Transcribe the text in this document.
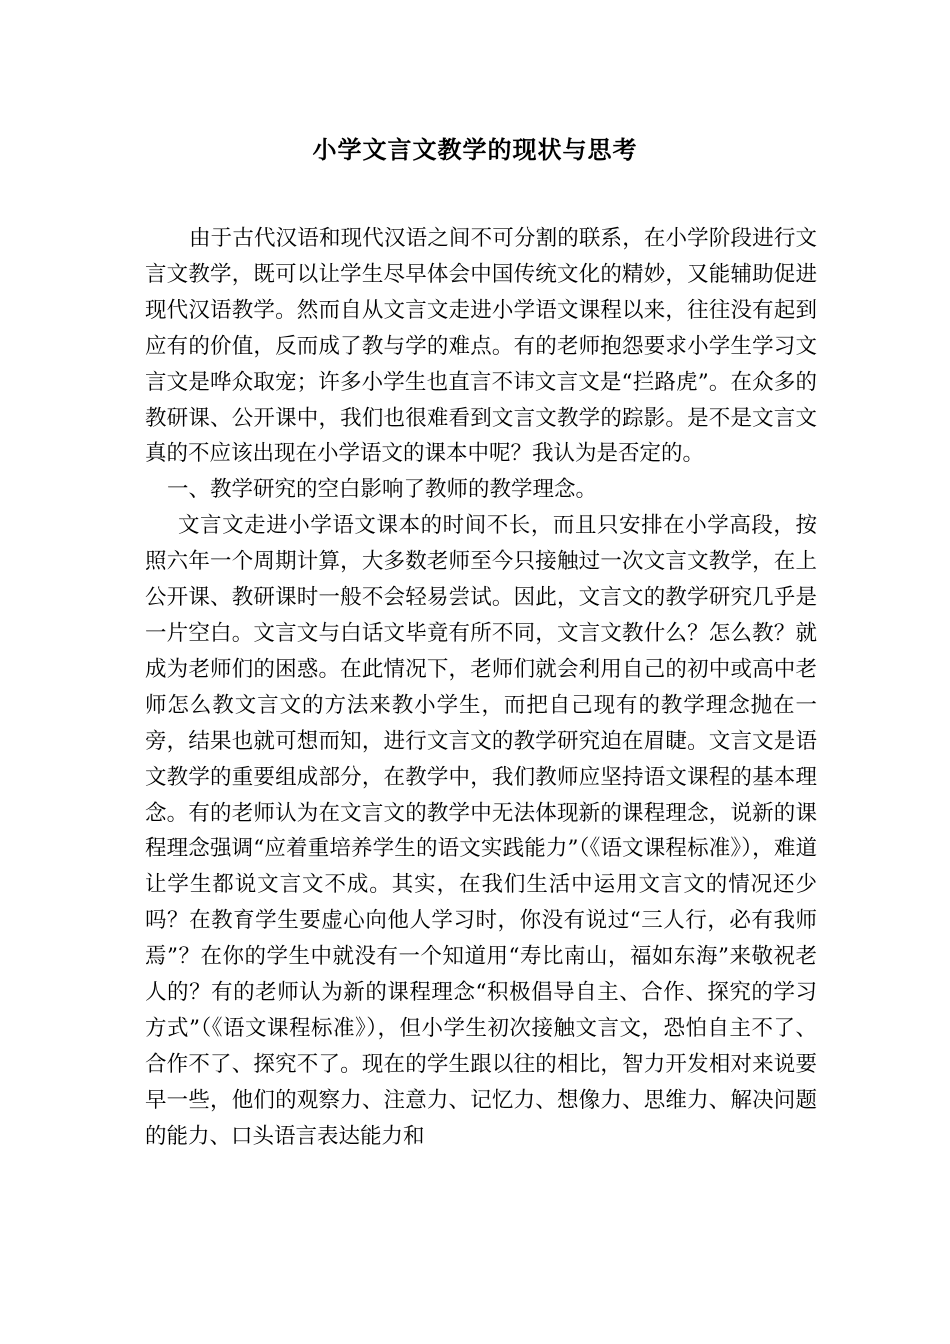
小学文言文教学的现状与思考

由于古代汉语和现代汉语之间不可分割的联系，在小学阶段进行文言文教学，既可以让学生尽早体会中国传统文化的精妙，又能辅助促进现代汉语教学。然而自从文言文走进小学语文课程以来，往往没有起到应有的价值，反而成了教与学的难点。有的老师抱怨要求小学生学习文言文是哗众取宠；许多小学生也直言不讳文言文是“拦路虎”。在众多的教研课、公开课中，我们也很难看到文言文教学的踪影。是不是文言文真的不应该出现在小学语文的课本中呢？我认为是否定的。

一、教学研究的空白影响了教师的教学理念。

文言文走进小学语文课本的时间不长，而且只安排在小学高段，按照六年一个周期计算，大多数老师至今只接触过一次文言文教学，在上公开课、教研课时一般不会轻易尝试。因此，文言文的教学研究几乎是一片空白。文言文与白话文毕竟有所不同，文言文教什么？怎么教？就成为老师们的困惑。在此情况下，老师们就会利用自己的初中或高中老师怎么教文言文的方法来教小学生，而把自己现有的教学理念抛在一旁，结果也就可想而知，进行文言文的教学研究迫在眉睫。文言文是语文教学的重要组成部分，在教学中，我们教师应坚持语文课程的基本理念。有的老师认为在文言文的教学中无法体现新的课程理念，说新的课程理念强调“应着重培养学生的语文实践能力”（《语文课程标准》），难道让学生都说文言文不成。其实，在我们生活中运用文言文的情况还少吗？在教育学生要虚心向他人学习时，你没有说过“三人行，必有我师焉”？在你的学生中就没有一个知道用“寿比南山，福如东海”来敬祝老人的？有的老师认为新的课程理念“积极倡导自主、合作、探究的学习方式”（《语文课程标准》），但小学生初次接触文言文，恐怕自主不了、合作不了、探究不了。现在的学生跟以往的相比，智力开发相对来说要早一些，他们的观察力、注意力、记忆力、想像力、思维力、解决问题的能力、口头语言表达能力和
